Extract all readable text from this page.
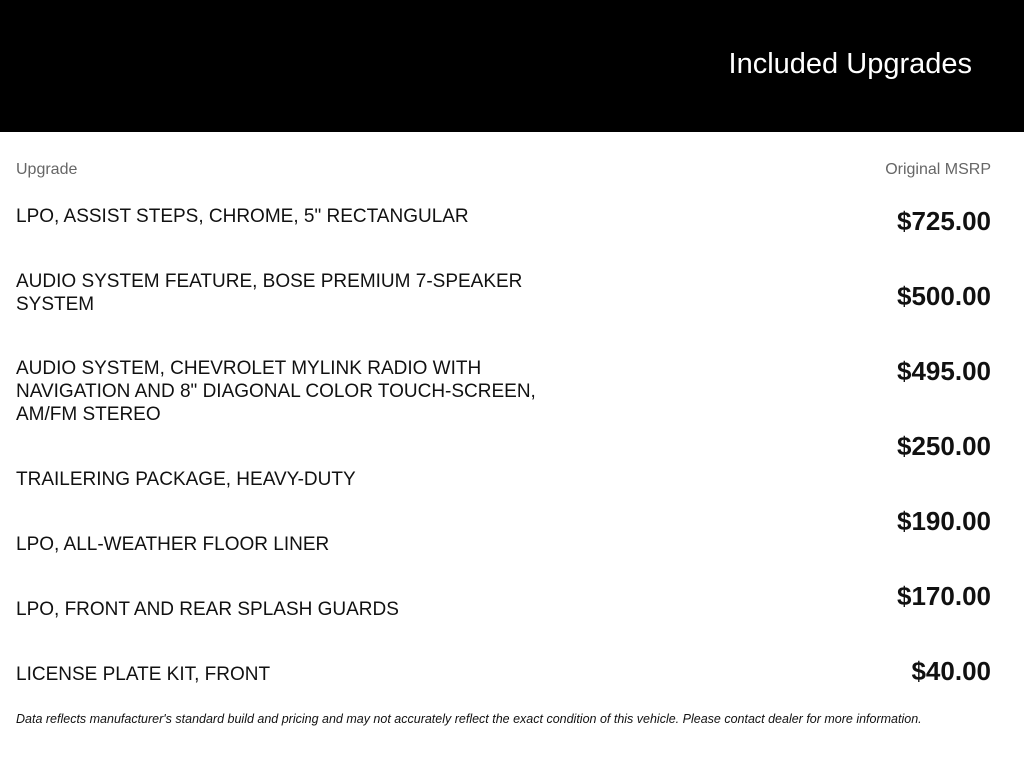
Included Upgrades
Upgrade	Original MSRP
LPO, ASSIST STEPS, CHROME, 5" RECTANGULAR
AUDIO SYSTEM FEATURE, BOSE PREMIUM 7-SPEAKER SYSTEM
AUDIO SYSTEM, CHEVROLET MYLINK RADIO WITH NAVIGATION AND 8" DIAGONAL COLOR TOUCH-SCREEN, AM/FM STEREO
TRAILERING PACKAGE, HEAVY-DUTY
LPO, ALL-WEATHER FLOOR LINER
LPO, FRONT AND REAR SPLASH GUARDS
LICENSE PLATE KIT, FRONT
$725.00
$500.00
$495.00
$250.00
$190.00
$170.00
$40.00
Data reflects manufacturer's standard build and pricing and may not accurately reflect the exact condition of this vehicle. Please contact dealer for more information.
